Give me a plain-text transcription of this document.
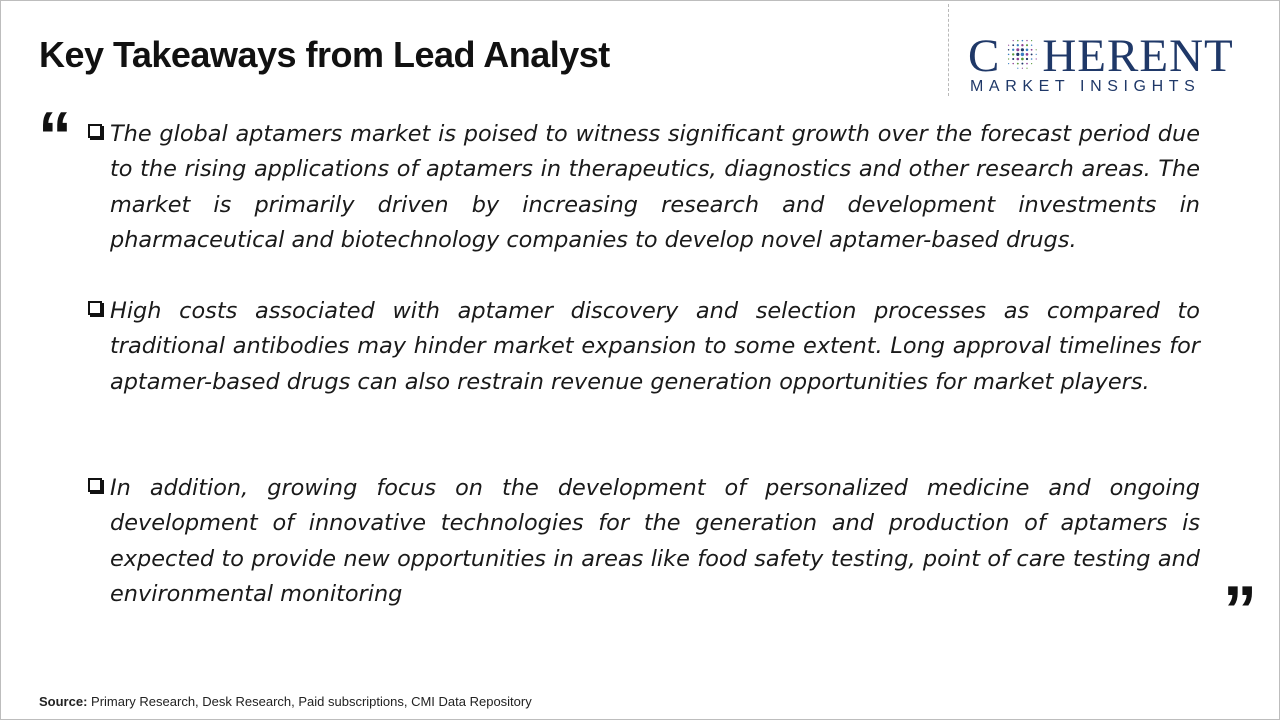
Key Takeaways from Lead Analyst	C HERENT
MARKET INSIGHTS
“ The global aptamers market is poised to witness significant growth over the forecast period due to the rising applications of aptamers in therapeutics, diagnostics and other research areas. The market is primarily driven by increasing research and development investments in pharmaceutical and biotechnology companies to develop novel aptamer-based drugs.

High costs associated with aptamer discovery and selection processes as compared to traditional antibodies may hinder market expansion to some extent. Long approval timelines for aptamer-based drugs can also restrain revenue generation opportunities for market players.

In addition, growing focus on the development of personalized medicine and ongoing development of innovative technologies for the generation and production of aptamers is expected to provide new opportunities in areas like food safety testing, point of care testing and environmental monitoring	”
Source: Primary Research, Desk Research, Paid subscriptions, CMI Data Repository
